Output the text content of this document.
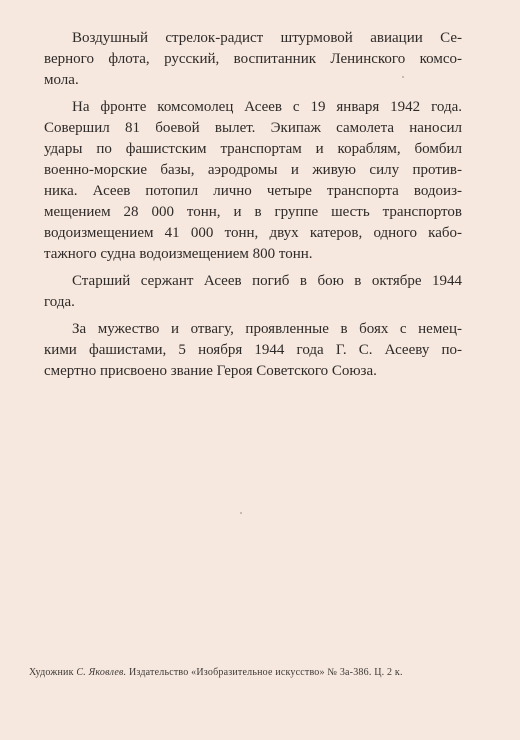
Воздушный стрелок-радист штурмовой авиации Се-
верного флота, русский, воспитанник Ленинского комсо-
мола.

На фронте комсомолец Асеев с 19 января 1942 года.
Совершил 81 боевой вылет. Экипаж самолета наносил
удары по фашистским транспортам и кораблям, бомбил
военно-морские базы, аэродромы и живую силу против-
ника. Асеев потопил лично четыре транспорта водоиз-
мещением 28 000 тонн, и в группе шесть транспортов
водоизмещением 41 000 тонн, двух катеров, одного кабо-
тажного судна водоизмещением 800 тонн.

Старший сержант Асеев погиб в бою в октябре 1944
года.

За мужество и отвагу, проявленные в боях с немец-
кими фашистами, 5 ноября 1944 года Г. С. Асееву по-
смертно присвоено звание Героя Советского Союза.

Художник С. Яковлев. Издательство «Изобразительное искусство» № 3а-386. Ц. 2 к.
